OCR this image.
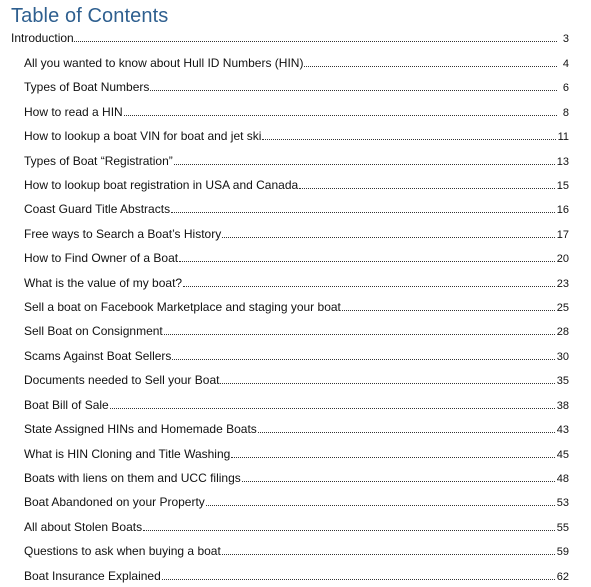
Table of Contents
Introduction	3
All you wanted to know about Hull ID Numbers (HIN)	4
Types of Boat Numbers	6
How to read a HIN	8
How to lookup a boat VIN for boat and jet ski	11
Types of Boat “Registration”	13
How to lookup boat registration in USA and Canada	15
Coast Guard Title Abstracts	16
Free ways to Search a Boat’s History	17
How to Find Owner of a Boat	20
What is the value of my boat?	23
Sell a boat on Facebook Marketplace and staging your boat	25
Sell Boat on Consignment	28
Scams Against Boat Sellers	30
Documents needed to Sell your Boat	35
Boat Bill of Sale	38
State Assigned HINs and Homemade Boats	43
What is HIN Cloning and Title Washing	45
Boats with liens on them and UCC filings	48
Boat Abandoned on your Property	53
All about Stolen Boats	55
Questions to ask when buying a boat	59
Boat Insurance Explained	62
